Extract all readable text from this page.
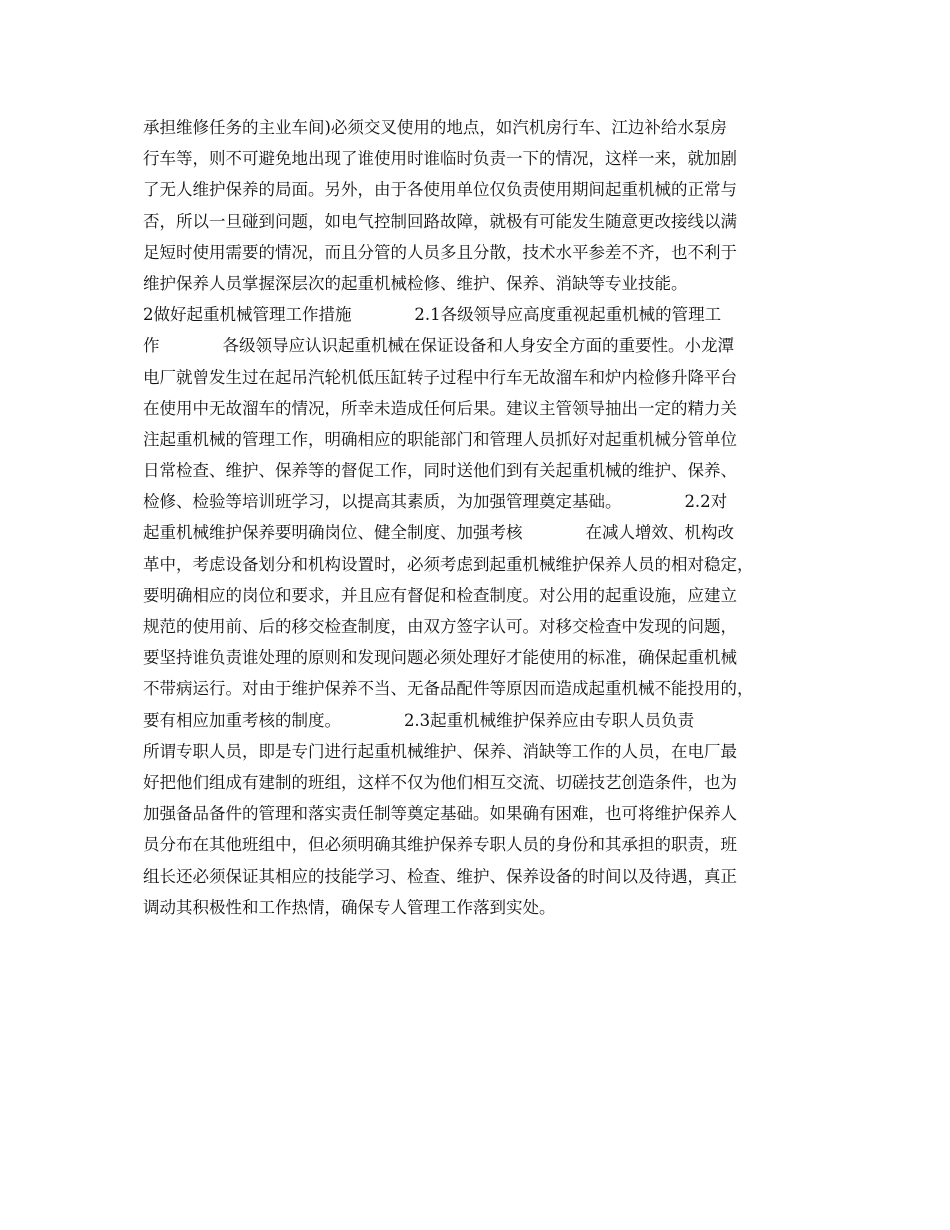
承担维修任务的主业车间)必须交叉使用的地点，如汽机房行车、江边补给水泵房
行车等，则不可避免地出现了谁使用时谁临时负责一下的情况，这样一来，就加剧
了无人维护保养的局面。另外，由于各使用单位仅负责使用期间起重机械的正常与
否，所以一旦碰到问题，如电气控制回路故障，就极有可能发生随意更改接线以满
足短时使用需要的情况，而且分管的人员多且分散，技术水平参差不齐，也不利于
维护保养人员掌握深层次的起重机械检修、维护、保养、消缺等专业技能。
2做好起重机械管理工作措施            2.1各级领导应高度重视起重机械的管理工
作            各级领导应认识起重机械在保证设备和人身安全方面的重要性。小龙潭
电厂就曾发生过在起吊汽轮机低压缸转子过程中行车无故溜车和炉内检修升降平台
在使用中无故溜车的情况，所幸未造成任何后果。建议主管领导抽出一定的精力关
注起重机械的管理工作，明确相应的职能部门和管理人员抓好对起重机械分管单位
日常检查、维护、保养等的督促工作，同时送他们到有关起重机械的维护、保养、
检修、检验等培训班学习，以提高其素质，为加强管理奠定基础。            2.2对
起重机械维护保养要明确岗位、健全制度、加强考核            在减人增效、机构改
革中，考虑设备划分和机构设置时，必须考虑到起重机械维护保养人员的相对稳定，
要明确相应的岗位和要求，并且应有督促和检查制度。对公用的起重设施，应建立
规范的使用前、后的移交检查制度，由双方签字认可。对移交检查中发现的问题，
要坚持谁负责谁处理的原则和发现问题必须处理好才能使用的标准，确保起重机械
不带病运行。对由于维护保养不当、无备品配件等原因而造成起重机械不能投用的，
要有相应加重考核的制度。            2.3起重机械维护保养应由专职人员负责
所谓专职人员，即是专门进行起重机械维护、保养、消缺等工作的人员，在电厂最
好把他们组成有建制的班组，这样不仅为他们相互交流、切磋技艺创造条件，也为
加强备品备件的管理和落实责任制等奠定基础。如果确有困难，也可将维护保养人
员分布在其他班组中，但必须明确其维护保养专职人员的身份和其承担的职责，班
组长还必须保证其相应的技能学习、检查、维护、保养设备的时间以及待遇，真正
调动其积极性和工作热情，确保专人管理工作落到实处。
